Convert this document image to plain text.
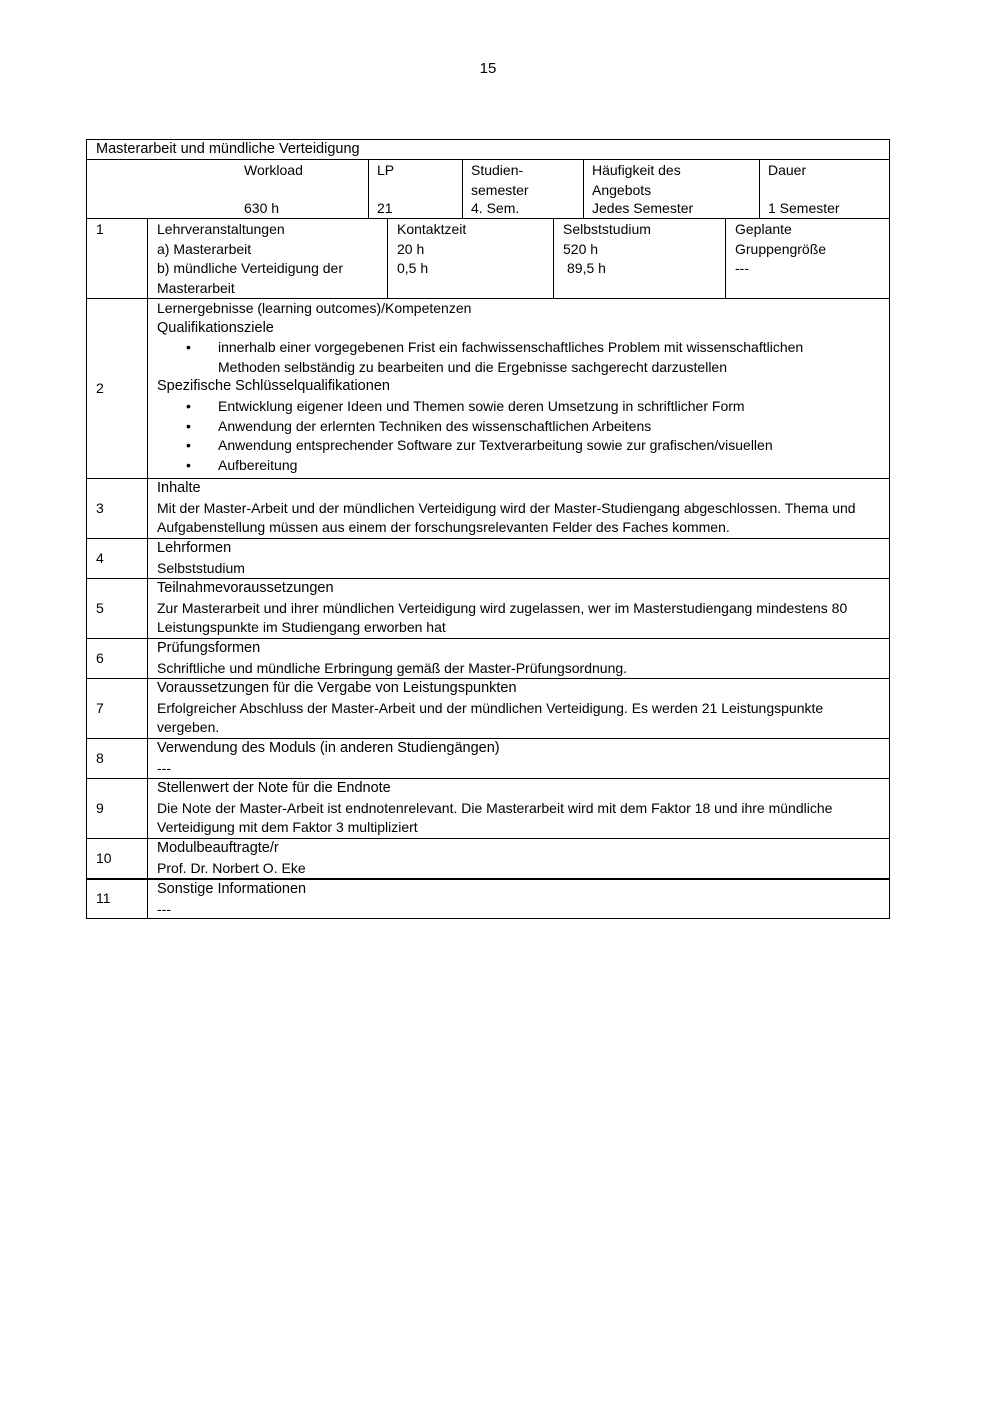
15
Masterarbeit und mündliche Verteidigung
Workload
630 h
LP
21
Studien-
semester
4. Sem.
Häufigkeit des
Angebots
Jedes Semester
Dauer
1 Semester
1	Lehrveranstaltungen
a) Masterarbeit
b) mündliche Verteidigung der
Masterarbeit
Kontaktzeit
20 h
0,5 h
Selbststudium
520 h
89,5 h
Geplante
Gruppengröße
---
2
Lernergebnisse (learning outcomes)/Kompetenzen
Qualifikationsziele
• innerhalb einer vorgegebenen Frist ein fachwissenschaftliches Problem mit wissenschaftlichen
Methoden selbständig zu bearbeiten und die Ergebnisse sachgerecht darzustellen
Spezifische Schlüsselqualifikationen
• Entwicklung eigener Ideen und Themen sowie deren Umsetzung in schriftlicher Form
• Anwendung der erlernten Techniken des wissenschaftlichen Arbeitens
• Anwendung entsprechender Software zur Textverarbeitung sowie zur grafischen/visuellen
• Aufbereitung
3
Inhalte
Mit der Master-Arbeit und der mündlichen Verteidigung wird der Master-Studiengang abgeschlossen. Thema und
Aufgabenstellung müssen aus einem der forschungsrelevanten Felder des Faches kommen.
4
Lehrformen
Selbststudium
5
Teilnahmevoraussetzungen
Zur Masterarbeit und ihrer mündlichen Verteidigung wird zugelassen, wer im Masterstudiengang mindestens 80
Leistungspunkte im Studiengang erworben hat
6
Prüfungsformen
Schriftliche und mündliche Erbringung gemäß der Master-Prüfungsordnung.
7
Voraussetzungen für die Vergabe von Leistungspunkten
Erfolgreicher Abschluss der Master-Arbeit und der mündlichen Verteidigung. Es werden 21 Leistungspunkte vergeben.
8
Verwendung des Moduls (in anderen Studiengängen)
---
9
Stellenwert der Note für die Endnote
Die Note der Master-Arbeit ist endnotenrelevant. Die Masterarbeit wird mit dem Faktor 18 und ihre mündliche
Verteidigung mit dem Faktor 3 multipliziert
10
Modulbeauftragte/r
Prof. Dr. Norbert O. Eke
11
Sonstige Informationen
---
